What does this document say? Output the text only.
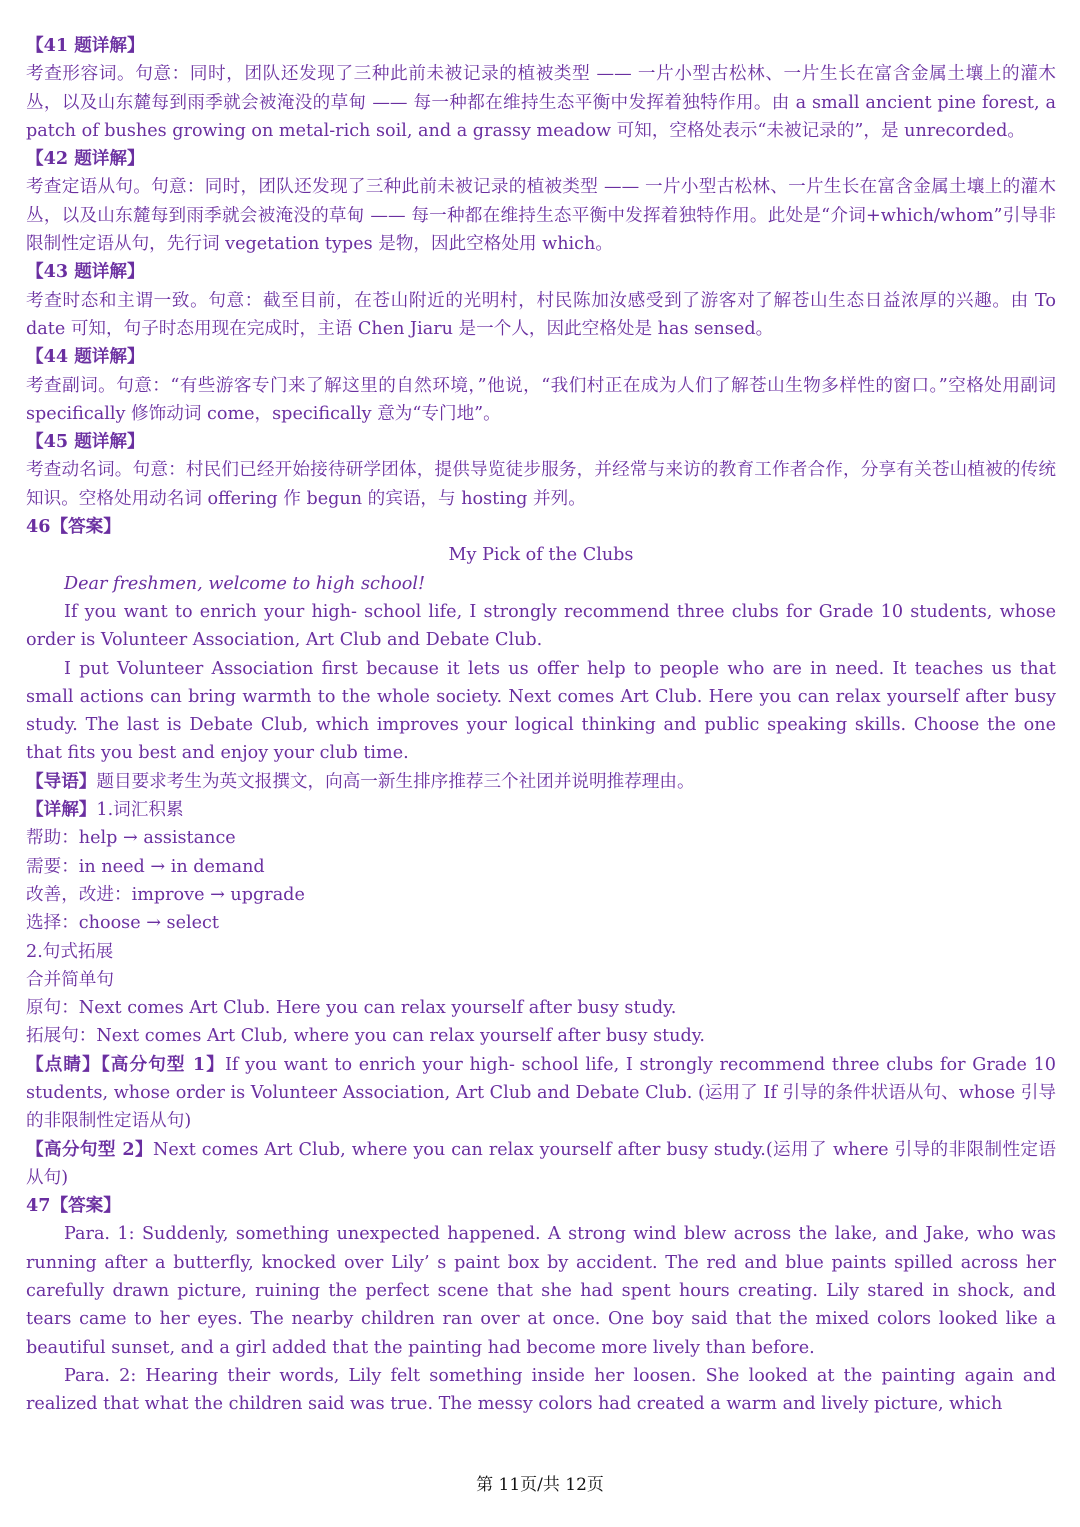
【41 题详解】

考查形容词。句意：同时，团队还发现了三种此前未被记录的植被类型 —— 一片小型古松林、一片生长在富含金属土壤上的灌木丛，以及山东麓每到雨季就会被淹没的草甸 —— 每一种都在维持生态平衡中发挥着独特作用。由 a small ancient pine forest, a patch of bushes growing on metal-rich soil, and a grassy meadow 可知，空格处表示“未被记录的”，是 unrecorded。

【42 题详解】

考查定语从句。句意：同时，团队还发现了三种此前未被记录的植被类型 —— 一片小型古松林、一片生长在富含金属土壤上的灌木丛，以及山东麓每到雨季就会被淹没的草甸 —— 每一种都在维持生态平衡中发挥着独特作用。此处是“介词+which/whom”引导非限制性定语从句，先行词 vegetation types 是物，因此空格处用 which。

【43 题详解】

考查时态和主谓一致。句意：截至目前，在苍山附近的光明村，村民陈加汝感受到了游客对了解苍山生态日益浓厚的兴趣。由 To date 可知，句子时态用现在完成时，主语 Chen Jiaru 是一个人，因此空格处是 has sensed。

【44 题详解】

考查副词。句意：“有些游客专门来了解这里的自然环境，”他说，“我们村正在成为人们了解苍山生物多样性的窗口。”空格处用副词 specifically 修饰动词 come，specifically 意为“专门地”。

【45 题详解】

考查动名词。句意：村民们已经开始接待研学团体，提供导览徒步服务，并经常与来访的教育工作者合作，分享有关苍山植被的传统知识。空格处用动名词 offering 作 begun 的宾语，与 hosting 并列。

46【答案】

My Pick of the Clubs

Dear freshmen, welcome to high school!

If you want to enrich your high- school life, I strongly recommend three clubs for Grade 10 students, whose order is Volunteer Association, Art Club and Debate Club.

I put Volunteer Association first because it lets us offer help to people who are in need. It teaches us that small actions can bring warmth to the whole society. Next comes Art Club. Here you can relax yourself after busy study. The last is Debate Club, which improves your logical thinking and public speaking skills. Choose the one that fits you best and enjoy your club time.

【导语】题目要求考生为英文报撰文，向高一新生排序推荐三个社团并说明推荐理由。

【详解】1.词汇积累

帮助：help → assistance

需要：in need → in demand

改善，改进：improve → upgrade

选择：choose → select

2.句式拓展

合并简单句

原句：Next comes Art Club. Here you can relax yourself after busy study.

拓展句：Next comes Art Club, where you can relax yourself after busy study.

【点睛】【高分句型 1】If you want to enrich your high- school life, I strongly recommend three clubs for Grade 10 students, whose order is Volunteer Association, Art Club and Debate Club. (运用了 If 引导的条件状语从句、whose 引导的非限制性定语从句)

【高分句型 2】Next comes Art Club, where you can relax yourself after busy study.(运用了 where 引导的非限制性定语从句)

47【答案】

Para. 1: Suddenly, something unexpected happened. A strong wind blew across the lake, and Jake, who was running after a butterfly, knocked over Lily’ s paint box by accident. The red and blue paints spilled across her carefully drawn picture, ruining the perfect scene that she had spent hours creating. Lily stared in shock, and tears came to her eyes. The nearby children ran over at once. One boy said that the mixed colors looked like a beautiful sunset, and a girl added that the painting had become more lively than before.

Para. 2: Hearing their words, Lily felt something inside her loosen. She looked at the painting again and realized that what the children said was true. The messy colors had created a warm and lively picture, which

第 11页/共 12页
